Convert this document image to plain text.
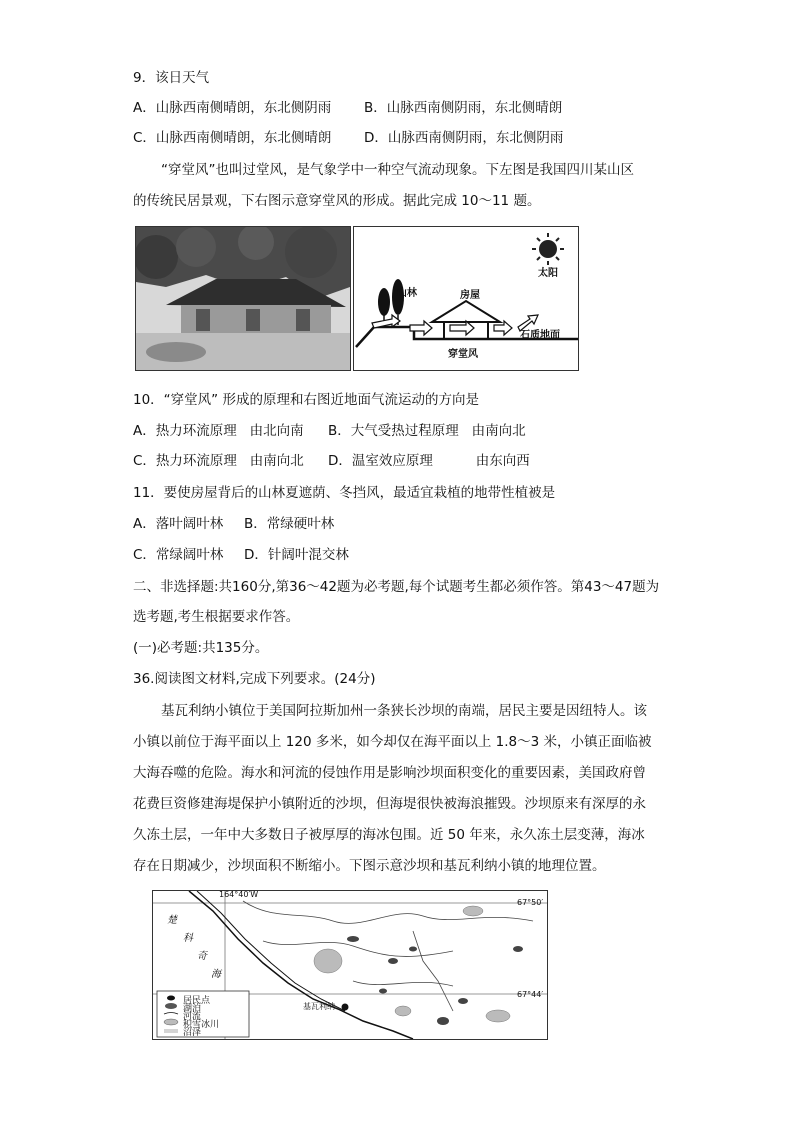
9．该日天气
A．山脉西南侧晴朗，东北侧阴雨 B．山脉西南侧阴雨，东北侧晴朗
C．山脉西南侧晴朗，东北侧晴朗 D．山脉西南侧阴雨，东北侧阴雨
“穿堂风”也叫过堂风，是气象学中一种空气流动现象。下左图是我国四川某山区
的传统民居景观，下右图示意穿堂风的形成。据此完成 10～11 题。
山林	房屋
太阳
石质地面
穿堂风
10．“穿堂风” 形成的原理和右图近地面气流运动的方向是
A．热力环流原理   由北向南 B．大气受热过程原理   由南向北
C．热力环流原理   由南向北 D．温室效应原理          由东向西
11．要使房屋背后的山林夏遮荫、冬挡风，最适宜栽植的地带性植被是
A．落叶阔叶林 B．常绿硬叶林
C．常绿阔叶林 D．针阔叶混交林
二、非选择题:共160分,第36～42题为必考题,每个试题考生都必须作答。第43～47题为
选考题,考生根据要求作答。
(一)必考题:共135分。
36.阅读图文材料,完成下列要求。(24分)
基瓦利纳小镇位于美国阿拉斯加州一条狭长沙坝的南端，居民主要是因纽特人。该
小镇以前位于海平面以上 120 多米，如今却仅在海平面以上 1.8～3 米，小镇正面临被
大海吞噬的危险。海水和河流的侵蚀作用是影响沙坝面积变化的重要因素，美国政府曾
花费巨资修建海堤保护小镇附近的沙坝，但海堤很快被海浪摧毁。沙坝原来有深厚的永
久冻土层，一年中大多数日子被厚厚的海冰包围。近 50 年来，永久冻土层变薄，海冰
存在日期减少，沙坝面积不断缩小。下图示意沙坝和基瓦利纳小镇的地理位置。
164°40′W
67°50′
67°44′
楚
科
奇
海
基瓦利纳
居民点
湖泊
河流
积雪冰川
沼泽
